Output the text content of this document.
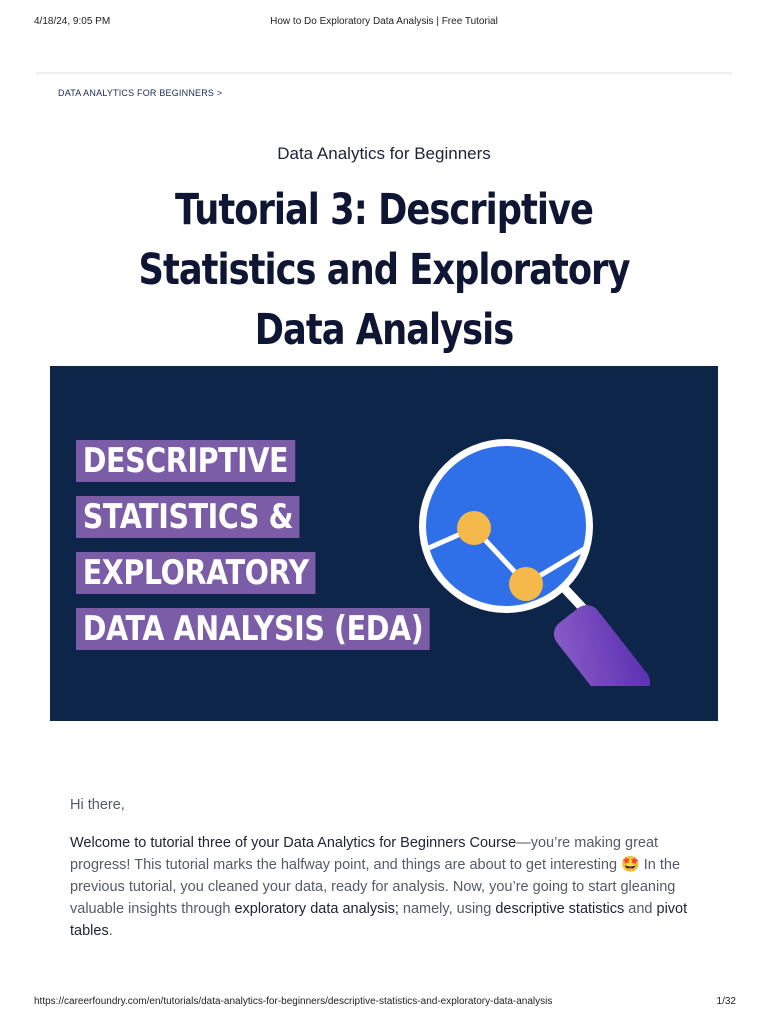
4/18/24, 9:05 PM	How to Do Exploratory Data Analysis | Free Tutorial
DATA ANALYTICS FOR BEGINNERS >
Data Analytics for Beginners
Tutorial 3: Descriptive Statistics and Exploratory Data Analysis
DESCRIPTIVE
STATISTICS &
EXPLORATORY
DATA ANALYSIS (EDA)

Hi there,

Welcome to tutorial three of your Data Analytics for Beginners Course—you’re making great progress! This tutorial marks the halfway point, and things are about to get interesting 🤩 In the previous tutorial, you cleaned your data, ready for analysis. Now, you’re going to start gleaning valuable insights through exploratory data analysis; namely, using descriptive statistics and pivot tables.

https://careerfoundry.com/en/tutorials/data-analytics-for-beginners/descriptive-statistics-and-exploratory-data-analysis	1/32
